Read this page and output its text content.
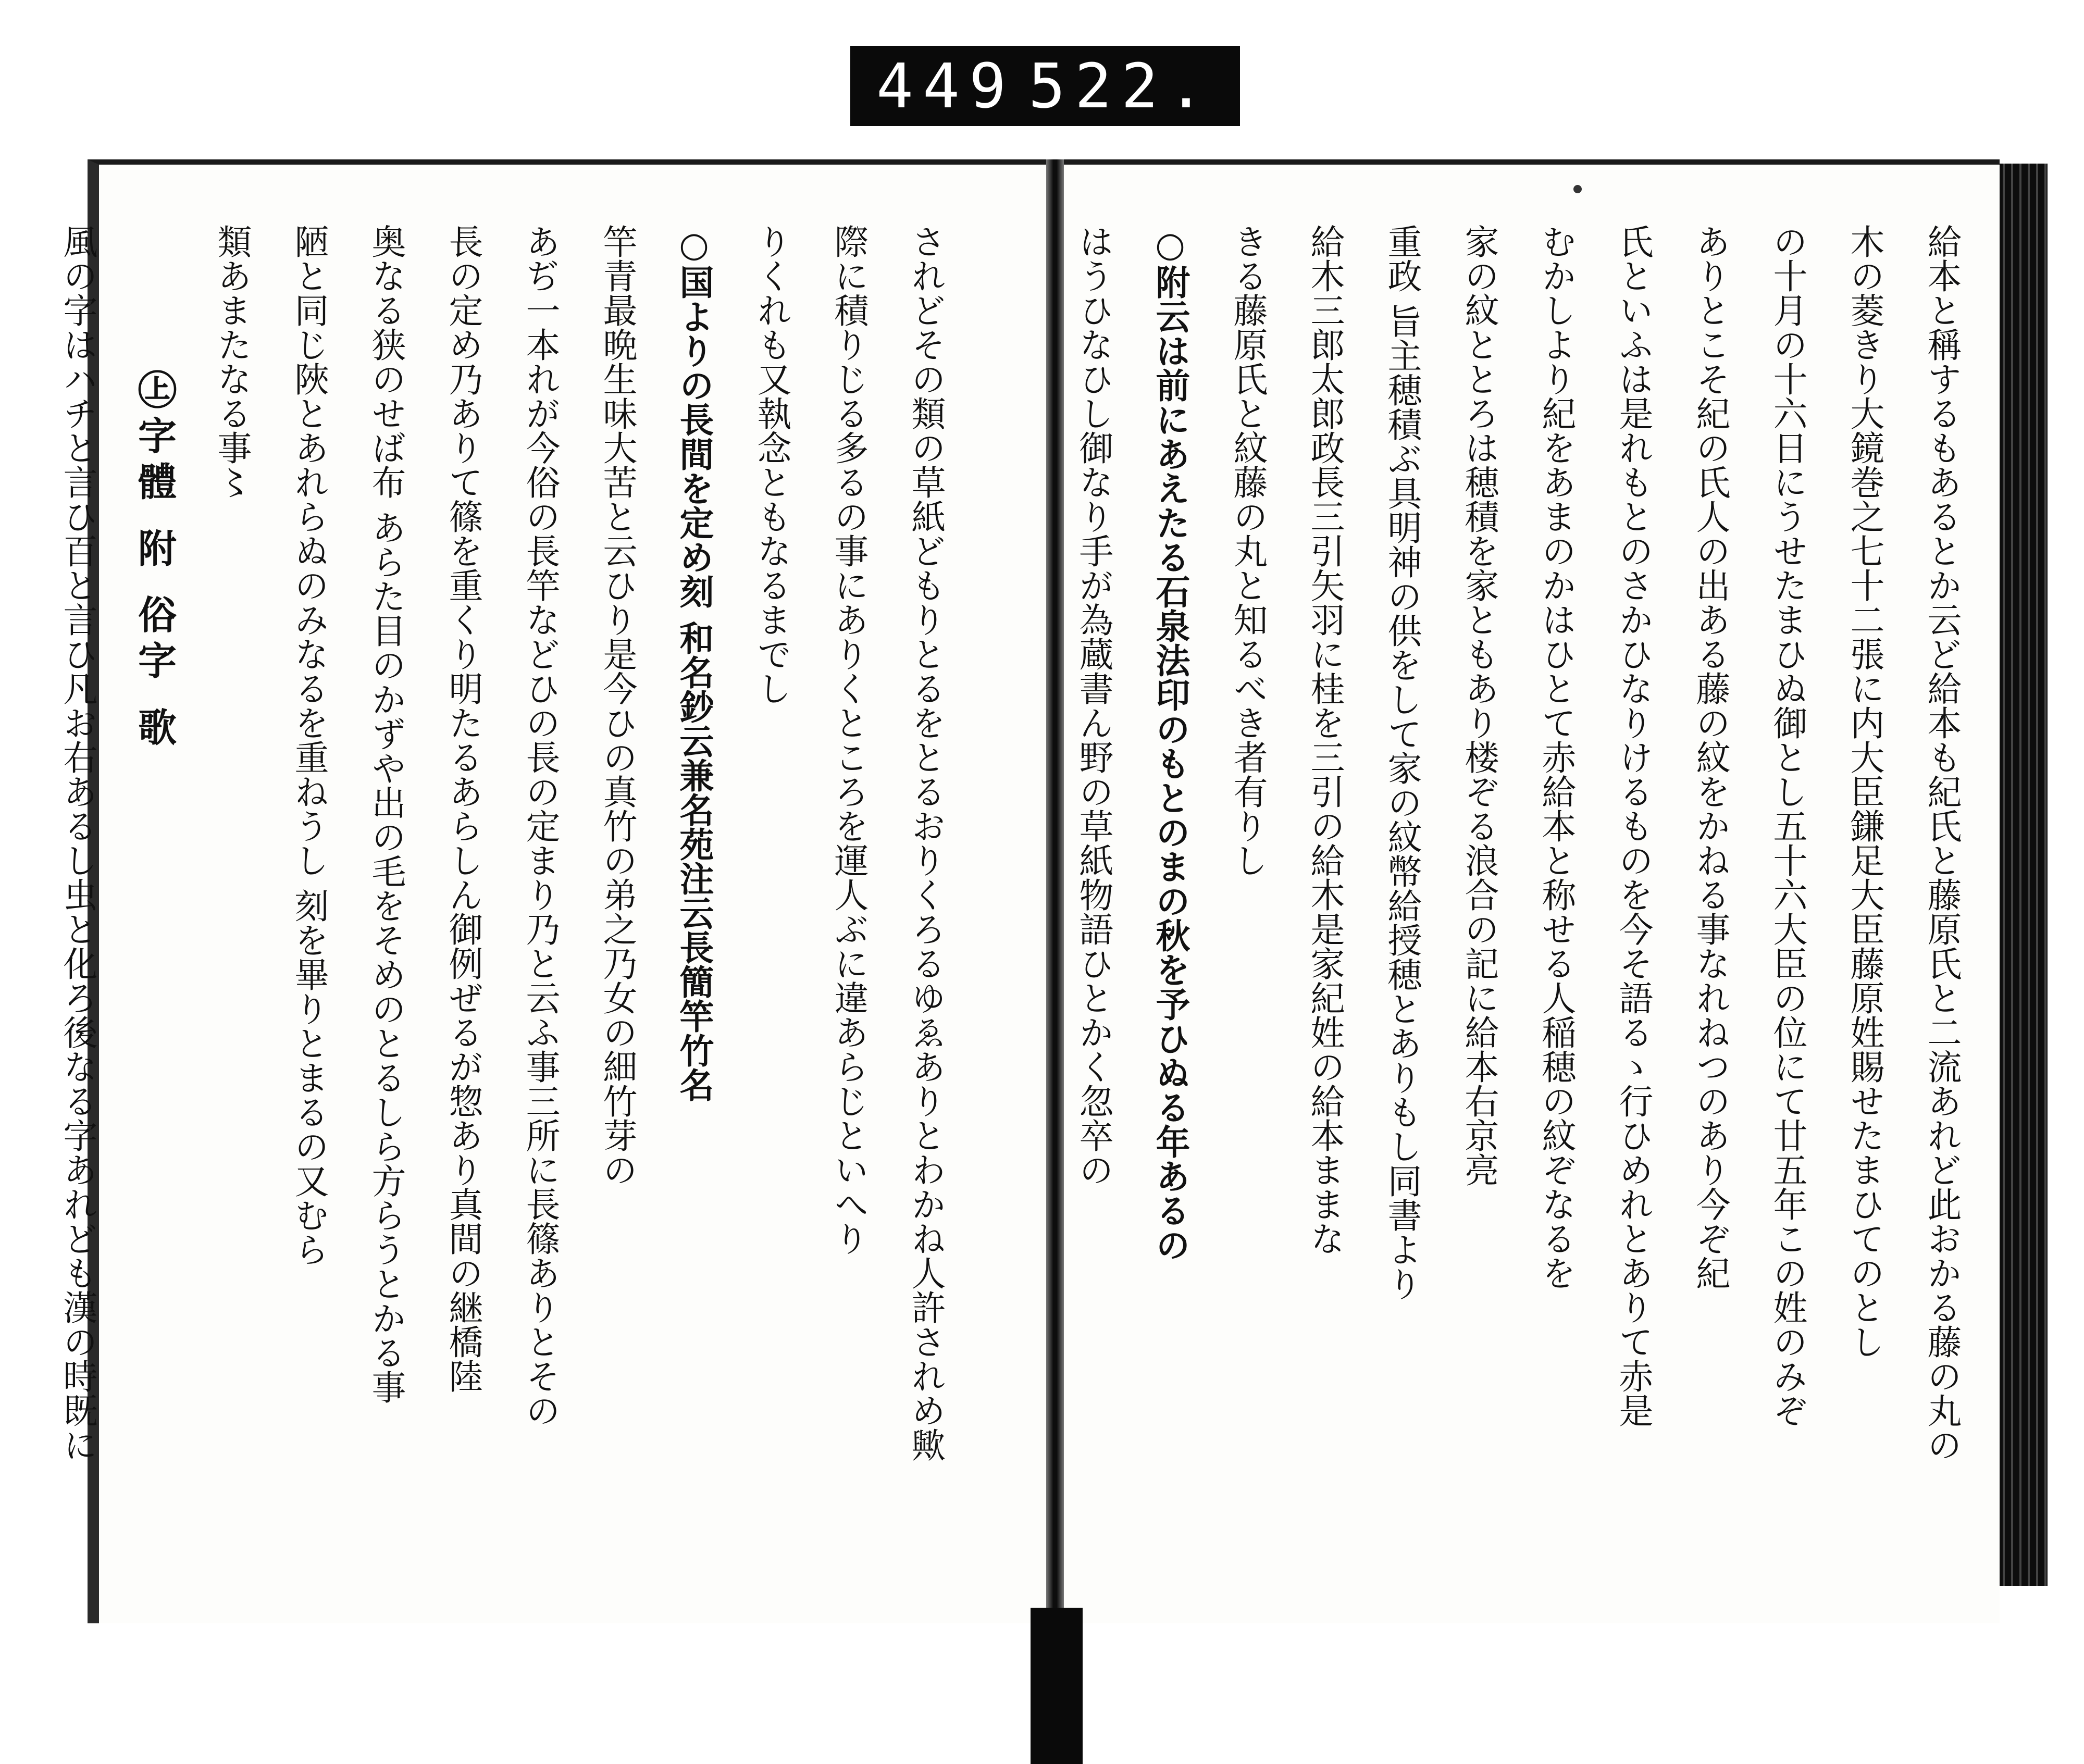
449 522.
給本と稱するもあるとか云ど給本も紀氏と藤原氏と二流あれど此おかる藤の丸の
木の菱きり大鏡巻之七十二張に内大臣鎌足大臣藤原姓賜せたまひてのとし
の十月の十六日にうせたまひぬ御とし五十六大臣の位にて廿五年この姓のみぞ
ありとこそ紀の氏人の出ある藤の紋をかねる事なれねつのあり今ぞ紀
氏といふは是れもとのさかひなりけるものを今そ語るゝ行ひめれとありて赤是
むかしより紀をあまのかはひとて赤給本と称せる人稲穂の紋ぞなるを
家の紋ととろは穂積を家ともあり楼ぞる浪合の記に給本右京亮
重政 旨主穂積ぶ具明神の供をして家の紋幣給授穂とありもし同書より
給木三郎太郎政長三引矢羽に桂を三引の給木是家紀姓の給本ままな
きる藤原氏と紋藤の丸と知るべき者有りし
○附云は前にあえたる石泉法印のもとのまの秋を予ひぬる年あるの
はうひなひし御なり手が為蔵書ん野の草紙物語ひとかく忽卒の
されどその類の草紙どもりとるをとるおりくろるゆゑありとわかね人許されめ歟
際に積りじる多るの事にありくところを運人ぶに違あらじといへり
りくれも又執念ともなるまでし
○国よりの長間を定め刻 和名鈔云兼名苑注云長簡竿竹名
竿青最晩生味大苦と云ひり是今ひの真竹の弟之乃女の細竹芽の
あぢ一本れが今俗の長竿などひの長の定まり乃と云ふ事三所に長篠ありとその
長の定め乃ありて篠を重くり明たるあらしん御例ぜるが惣あり真間の継橋陸
奥なる狭のせば布 あらた目のかずや出の毛をそめのとるしら方らうとかる事
陋と同じ陜とあれらぬのみなるを重ねうし 刻を畢りとまるの又むら
類あまたなる事〻
㊤字體 附 俗字 歌
風の字はハチと言ひ百と言ひ凡お右あるし虫と化ろ後なる字あれども漢の時既に
